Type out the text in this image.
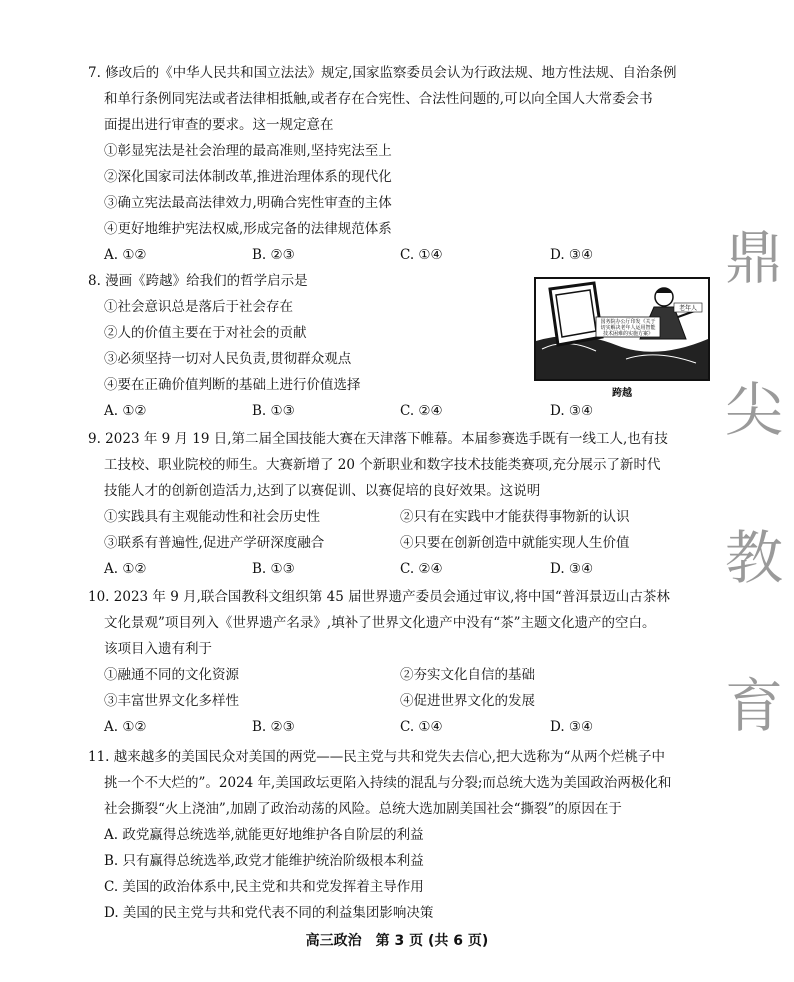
7. 修改后的《中华人民共和国立法法》规定,国家监察委员会认为行政法规、地方性法规、自治条例
和单行条例同宪法或者法律相抵触,或者存在合宪性、合法性问题的,可以向全国人大常委会书
面提出进行审查的要求。这一规定意在
①彰显宪法是社会治理的最高准则,坚持宪法至上
②深化国家司法体制改革,推进治理体系的现代化
③确立宪法最高法律效力,明确合宪性审查的主体
④更好地维护宪法权威,形成完备的法律规范体系
A. ①②	B. ②③	C. ①④	D. ③④
8. 漫画《跨越》给我们的哲学启示是
①社会意识总是落后于社会存在
②人的价值主要在于对社会的贡献
③必须坚持一切对人民负责,贯彻群众观点
④要在正确价值判断的基础上进行价值选择
A. ①②	B. ①③	C. ②④	D. ③④
国务院办公厅印发《关于
切实解决老年人运用智能
技术困难的实施方案》
老年人
跨越
9. 2023 年 9 月 19 日,第二届全国技能大赛在天津落下帷幕。本届参赛选手既有一线工人,也有技
工技校、职业院校的师生。大赛新增了 20 个新职业和数字技术技能类赛项,充分展示了新时代
技能人才的创新创造活力,达到了以赛促训、以赛促培的良好效果。这说明
①实践具有主观能动性和社会历史性	②只有在实践中才能获得事物新的认识
③联系有普遍性,促进产学研深度融合	④只要在创新创造中就能实现人生价值
A. ①②	B. ①③	C. ②④	D. ③④
10. 2023 年 9 月,联合国教科文组织第 45 届世界遗产委员会通过审议,将中国“普洱景迈山古茶林
文化景观”项目列入《世界遗产名录》,填补了世界文化遗产中没有“茶”主题文化遗产的空白。
该项目入遗有利于
①融通不同的文化资源	②夯实文化自信的基础
③丰富世界文化多样性	④促进世界文化的发展
A. ①②	B. ②③	C. ①④	D. ③④
11. 越来越多的美国民众对美国的两党——民主党与共和党失去信心,把大选称为“从两个烂桃子中
挑一个不大烂的”。2024 年,美国政坛更陷入持续的混乱与分裂;而总统大选为美国政治两极化和
社会撕裂“火上浇油”,加剧了政治动荡的风险。总统大选加剧美国社会“撕裂”的原因在于
A. 政党赢得总统选举,就能更好地维护各自阶层的利益
B. 只有赢得总统选举,政党才能维护统治阶级根本利益
C. 美国的政治体系中,民主党和共和党发挥着主导作用
D. 美国的民主党与共和党代表不同的利益集团影响决策
鼎
尖
教
育
高三政治　第 3 页 (共 6 页)
